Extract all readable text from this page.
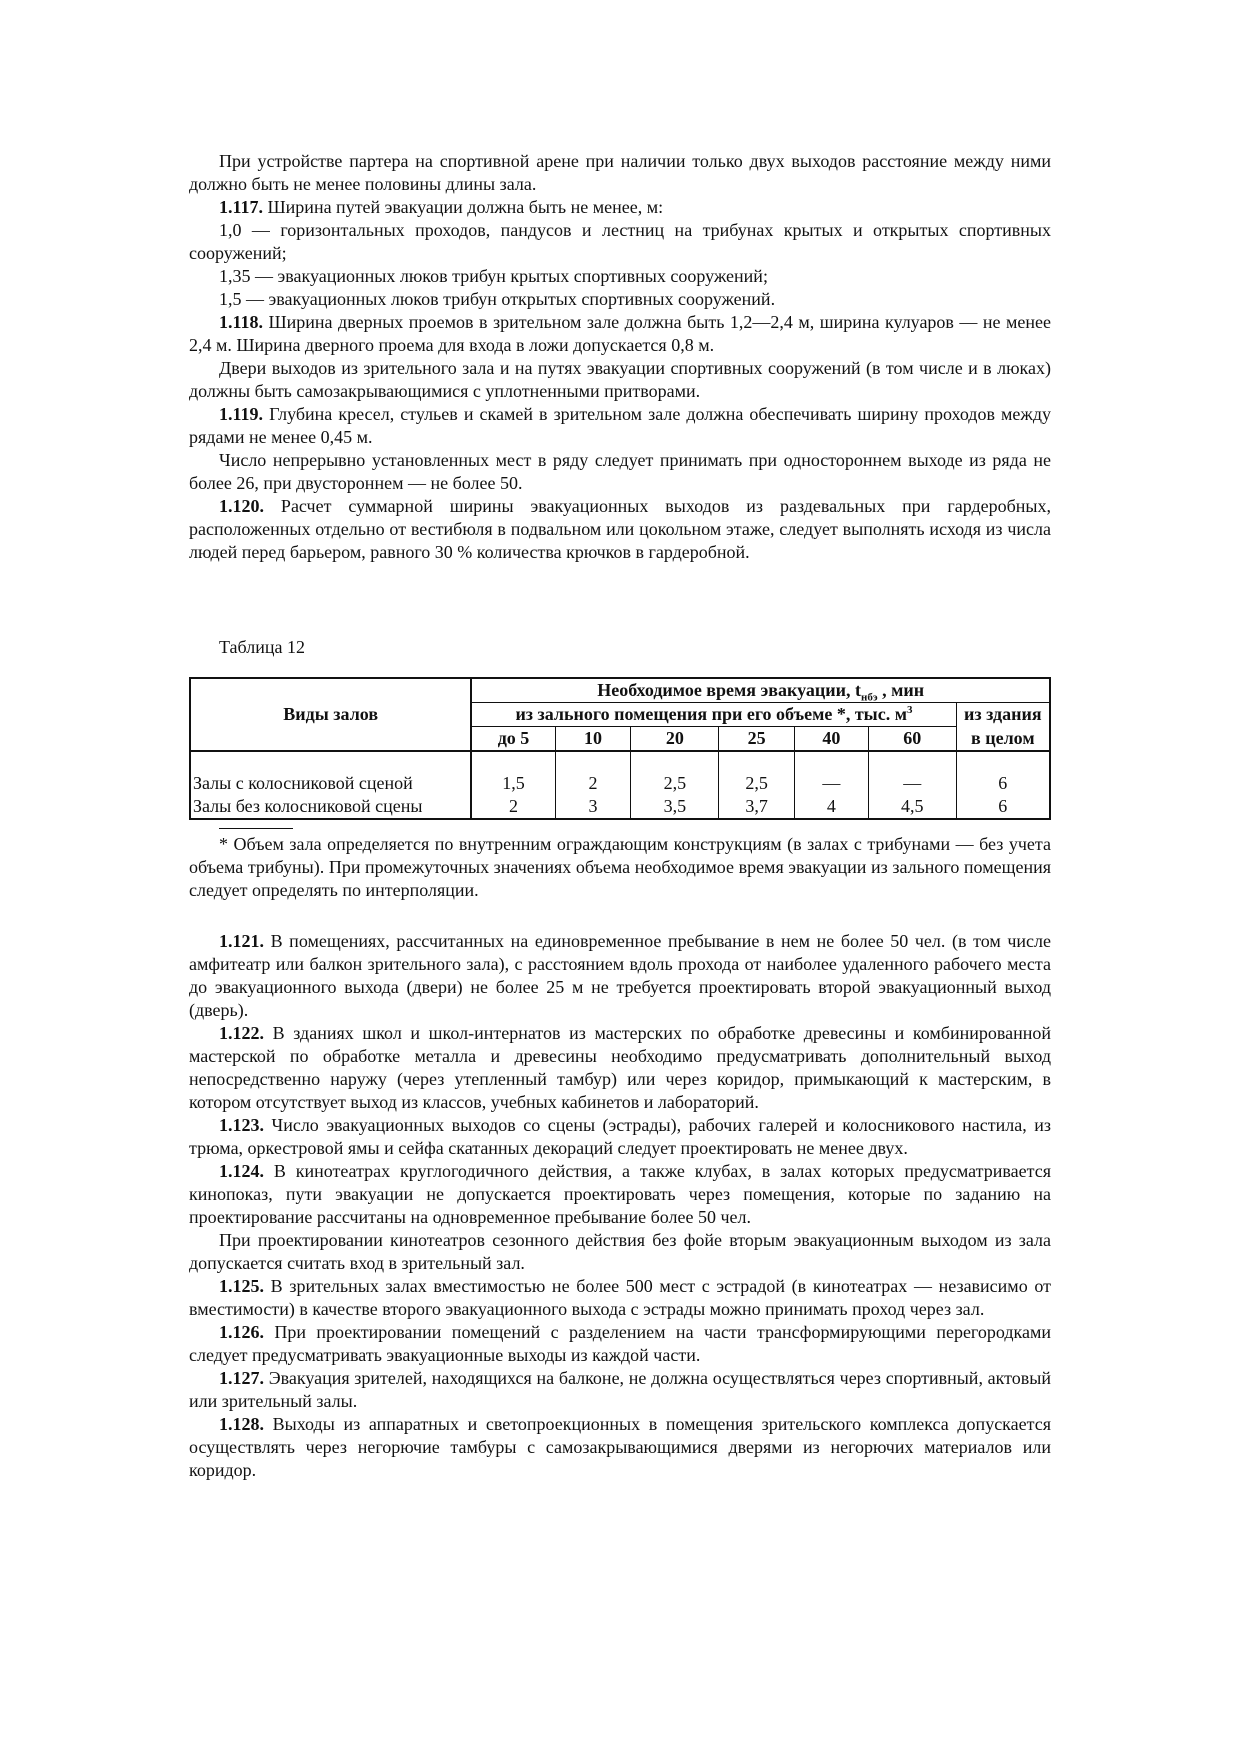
При устройстве партера на спортивной арене при наличии только двух выходов расстояние между ними должно быть не менее половины длины зала.

1.117. Ширина путей эвакуации должна быть не менее, м:

1,0 — горизонтальных проходов, пандусов и лестниц на трибунах крытых и открытых спортивных сооружений;

1,35 — эвакуационных люков трибун крытых спортивных сооружений;

1,5 — эвакуационных люков трибун открытых спортивных сооружений.

1.118. Ширина дверных проемов в зрительном зале должна быть 1,2—2,4 м, ширина кулуаров — не менее 2,4 м. Ширина дверного проема для входа в ложи допускается 0,8 м.

Двери выходов из зрительного зала и на путях эвакуации спортивных сооружений (в том числе и в люках) должны быть самозакрывающимися с уплотненными притворами.

1.119. Глубина кресел, стульев и скамей в зрительном зале должна обеспечивать ширину проходов между рядами не менее 0,45 м.

Число непрерывно установленных мест в ряду следует принимать при одностороннем выходе из ряда не более 26, при двустороннем — не более 50.

1.120. Расчет суммарной ширины эвакуационных выходов из раздевальных при гардеробных, расположенных отдельно от вестибюля в подвальном или цокольном этаже, следует выполнять исходя из числа людей перед барьером, равного 30 % количества крючков в гардеробной.

Таблица 12

Виды залов	Необходимое время эвакуации, $t_{нбэ}$ , мин						
	из зального помещения при его объеме *, тыс. $м^3$						из здания
	до 5	10	20	25	40	60	в целом

Залы с колосниковой сценой	1,5	2	2,5	2,5	—	—	6
Залы без колосниковой сцены	2	3	3,5	3,7	4	4,5	6

* Объем зала определяется по внутренним ограждающим конструкциям (в залах с трибунами — без учета объема трибуны). При промежуточных значениях объема необходимое время эвакуации из зального помещения следует определять по интерполяции.

1.121. В помещениях, рассчитанных на единовременное пребывание в нем не более 50 чел. (в том числе амфитеатр или балкон зрительного зала), с расстоянием вдоль прохода от наиболее удаленного рабочего места до эвакуационного выхода (двери) не более 25 м не требуется проектировать второй эвакуационный выход (дверь).

1.122. В зданиях школ и школ-интернатов из мастерских по обработке древесины и комбинированной мастерской по обработке металла и древесины необходимо предусматривать дополнительный выход непосредственно наружу (через утепленный тамбур) или через коридор, примыкающий к мастерским, в котором отсутствует выход из классов, учебных кабинетов и лабораторий.

1.123. Число эвакуационных выходов со сцены (эстрады), рабочих галерей и колосникового настила, из трюма, оркестровой ямы и сейфа скатанных декораций следует проектировать не менее двух.

1.124. В кинотеатрах круглогодичного действия, а также клубах, в залах которых предусматривается кинопоказ, пути эвакуации не допускается проектировать через помещения, которые по заданию на проектирование рассчитаны на одновременное пребывание более 50 чел.

При проектировании кинотеатров сезонного действия без фойе вторым эвакуационным выходом из зала допускается считать вход в зрительный зал.

1.125. В зрительных залах вместимостью не более 500 мест с эстрадой (в кинотеатрах — независимо от вместимости) в качестве второго эвакуационного выхода с эстрады можно принимать проход через зал.

1.126. При проектировании помещений с разделением на части трансформирующими перегородками следует предусматривать эвакуационные выходы из каждой части.

1.127. Эвакуация зрителей, находящихся на балконе, не должна осуществляться через спортивный, актовый или зрительный залы.

1.128. Выходы из аппаратных и светопроекционных в помещения зрительского комплекса допускается осуществлять через негорючие тамбуры с самозакрывающимися дверями из негорючих материалов или коридор.
